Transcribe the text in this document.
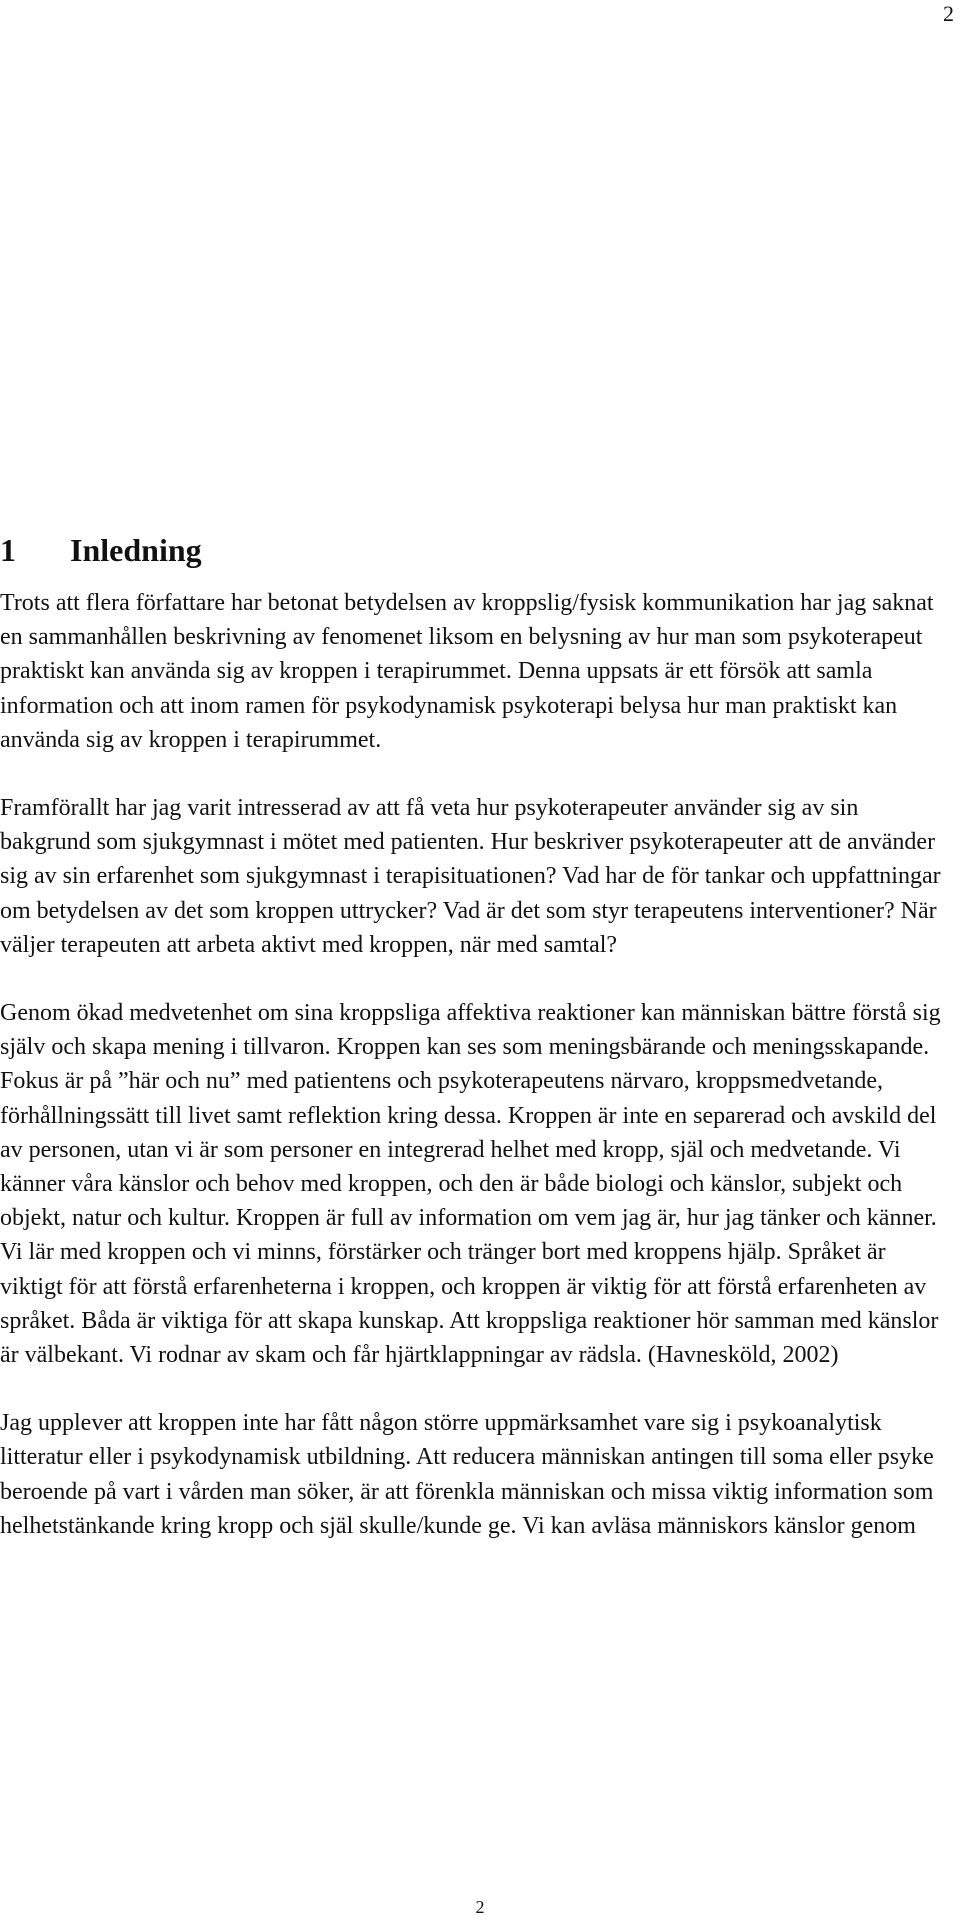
2
1 Inledning

Trots att flera författare har betonat betydelsen av kroppslig/fysisk kommunikation har jag saknat en sammanhållen beskrivning av fenomenet liksom en belysning av hur man som psykoterapeut praktiskt kan använda sig av kroppen i terapirummet. Denna uppsats är ett försök att samla information och att inom ramen för psykodynamisk psykoterapi belysa hur man praktiskt kan använda sig av kroppen i terapirummet.

Framförallt har jag varit intresserad av att få veta hur psykoterapeuter använder sig av sin bakgrund som sjukgymnast i mötet med patienten. Hur beskriver psykoterapeuter att de använder sig av sin erfarenhet som sjukgymnast i terapisituationen? Vad har de för tankar och uppfattningar om betydelsen av det som kroppen uttrycker? Vad är det som styr terapeutens interventioner? När väljer terapeuten att arbeta aktivt med kroppen, när med samtal?

Genom ökad medvetenhet om sina kroppsliga affektiva reaktioner kan människan bättre förstå sig själv och skapa mening i tillvaron. Kroppen kan ses som meningsbärande och meningsskapande. Fokus är på ”här och nu” med patientens och psykoterapeutens närvaro, kroppsmedvetande, förhållningssätt till livet samt reflektion kring dessa. Kroppen är inte en separerad och avskild del av personen, utan vi är som personer en integrerad helhet med kropp, själ och medvetande. Vi känner våra känslor och behov med kroppen, och den är både biologi och känslor, subjekt och objekt, natur och kultur. Kroppen är full av information om vem jag är, hur jag tänker och känner. Vi lär med kroppen och vi minns, förstärker och tränger bort med kroppens hjälp. Språket är viktigt för att förstå erfarenheterna i kroppen, och kroppen är viktig för att förstå erfarenheten av språket. Båda är viktiga för att skapa kunskap. Att kroppsliga reaktioner hör samman med känslor är välbekant. Vi rodnar av skam och får hjärtklappningar av rädsla. (Havnesköld, 2002)

Jag upplever att kroppen inte har fått någon större uppmärksamhet vare sig i psykoanalytisk litteratur eller i psykodynamisk utbildning. Att reducera människan antingen till soma eller psyke beroende på vart i vården man söker, är att förenkla människan och missa viktig information som helhetstänkande kring kropp och själ skulle/kunde ge. Vi kan avläsa människors känslor genom

2
